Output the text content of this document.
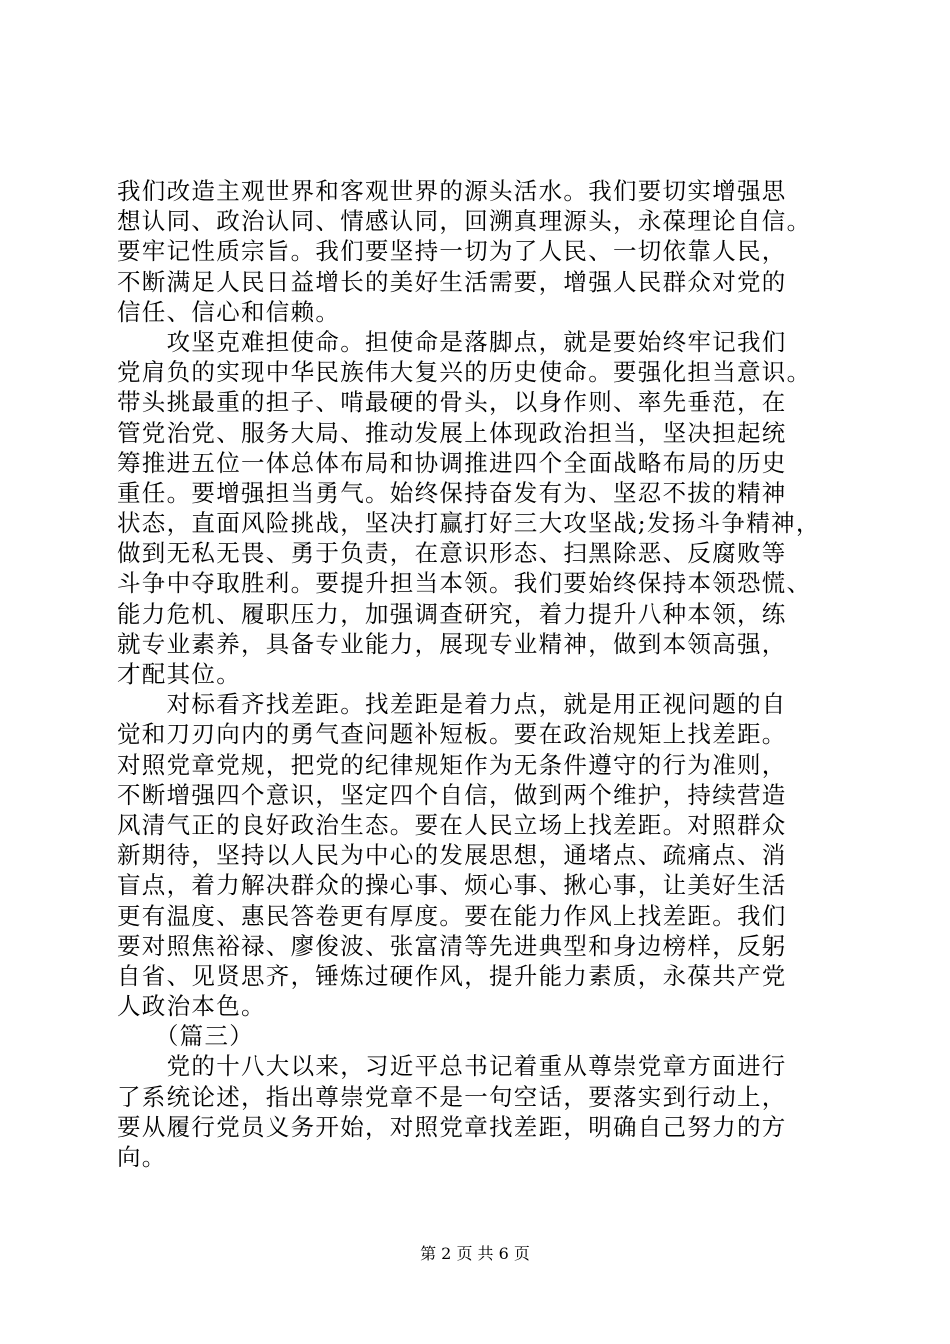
我们改造主观世界和客观世界的源头活水。我们要切实增强思
想认同、政治认同、情感认同，回溯真理源头，永葆理论自信。
要牢记性质宗旨。我们要坚持一切为了人民、一切依靠人民，
不断满足人民日益增长的美好生活需要，增强人民群众对党的
信任、信心和信赖。
　　攻坚克难担使命。担使命是落脚点，就是要始终牢记我们
党肩负的实现中华民族伟大复兴的历史使命。要强化担当意识。
带头挑最重的担子、啃最硬的骨头，以身作则、率先垂范，在
管党治党、服务大局、推动发展上体现政治担当，坚决担起统
筹推进五位一体总体布局和协调推进四个全面战略布局的历史
重任。要增强担当勇气。始终保持奋发有为、坚忍不拔的精神
状态，直面风险挑战，坚决打赢打好三大攻坚战;发扬斗争精神，
做到无私无畏、勇于负责，在意识形态、扫黑除恶、反腐败等
斗争中夺取胜利。要提升担当本领。我们要始终保持本领恐慌、
能力危机、履职压力，加强调查研究，着力提升八种本领，练
就专业素养，具备专业能力，展现专业精神，做到本领高强，
才配其位。
　　对标看齐找差距。找差距是着力点，就是用正视问题的自
觉和刀刃向内的勇气查问题补短板。要在政治规矩上找差距。
对照党章党规，把党的纪律规矩作为无条件遵守的行为准则，
不断增强四个意识，坚定四个自信，做到两个维护，持续营造
风清气正的良好政治生态。要在人民立场上找差距。对照群众
新期待，坚持以人民为中心的发展思想，通堵点、疏痛点、消
盲点，着力解决群众的操心事、烦心事、揪心事，让美好生活
更有温度、惠民答卷更有厚度。要在能力作风上找差距。我们
要对照焦裕禄、廖俊波、张富清等先进典型和身边榜样，反躬
自省、见贤思齐，锤炼过硬作风，提升能力素质，永葆共产党
人政治本色。
　　（篇三）
　　党的十八大以来，习近平总书记着重从尊崇党章方面进行
了系统论述，指出尊崇党章不是一句空话，要落实到行动上，
要从履行党员义务开始，对照党章找差距，明确自己努力的方
向。
第 2 页 共 6 页
